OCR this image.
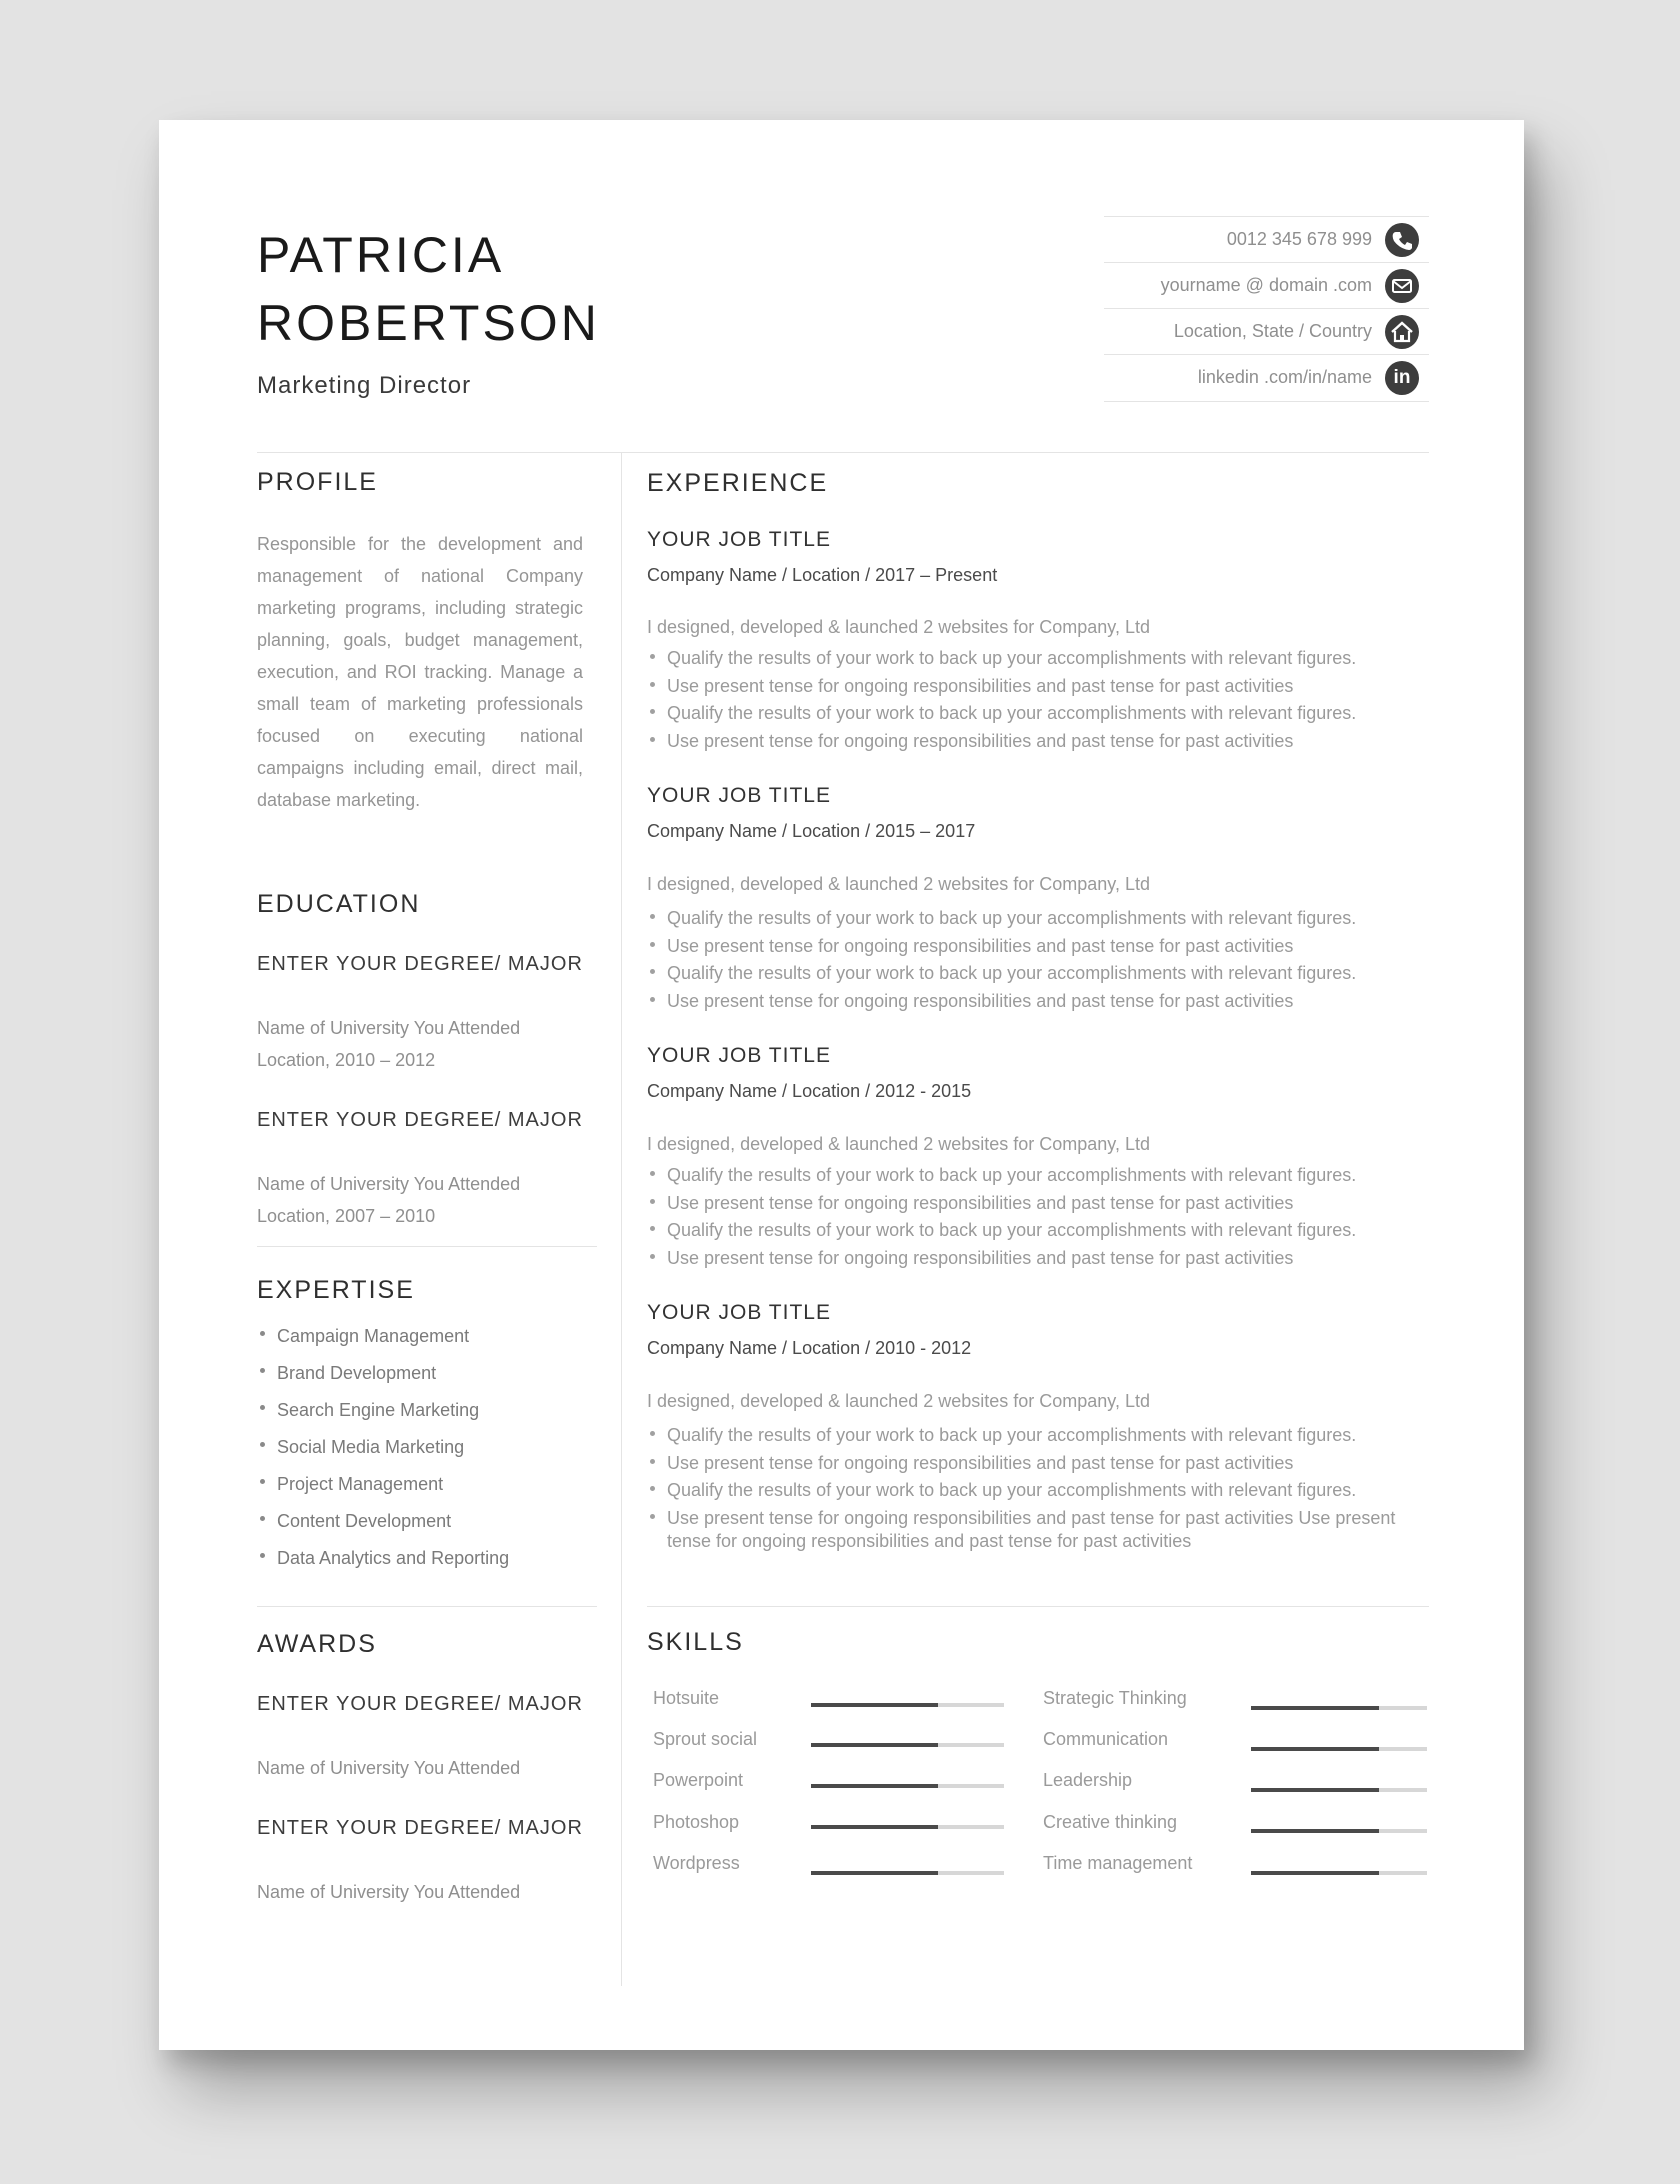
PATRICIA
ROBERTSON
Marketing Director
0012 345 678 999
yourname @ domain .com
Location, State / Country
linkedin .com/in/name	in
PROFILE
Responsible for the development and management of national Company marketing programs, including strategic planning, goals, budget management, execution, and ROI tracking. Manage a small team of marketing professionals focused on executing national campaigns including email, direct mail, database marketing.
EDUCATION
ENTER YOUR DEGREE/ MAJOR
Name of University You Attended
Location, 2010 – 2012
ENTER YOUR DEGREE/ MAJOR
Name of University You Attended
Location, 2007 – 2010
EXPERTISE
Campaign Management
Brand Development
Search Engine Marketing
Social Media Marketing
Project Management
Content Development
Data Analytics and Reporting
AWARDS
ENTER YOUR DEGREE/ MAJOR
Name of University You Attended
ENTER YOUR DEGREE/ MAJOR
Name of University You Attended
EXPERIENCE
YOUR JOB TITLE
Company Name / Location / 2017 – Present
I designed, developed & launched 2 websites for Company, Ltd
Qualify the results of your work to back up your accomplishments with relevant figures.
Use present tense for ongoing responsibilities and past tense for past activities
Qualify the results of your work to back up your accomplishments with relevant figures.
Use present tense for ongoing responsibilities and past tense for past activities
YOUR JOB TITLE
Company Name / Location / 2015 – 2017
I designed, developed & launched 2 websites for Company, Ltd
Qualify the results of your work to back up your accomplishments with relevant figures.
Use present tense for ongoing responsibilities and past tense for past activities
Qualify the results of your work to back up your accomplishments with relevant figures.
Use present tense for ongoing responsibilities and past tense for past activities
YOUR JOB TITLE
Company Name / Location / 2012 - 2015
I designed, developed & launched 2 websites for Company, Ltd
Qualify the results of your work to back up your accomplishments with relevant figures.
Use present tense for ongoing responsibilities and past tense for past activities
Qualify the results of your work to back up your accomplishments with relevant figures.
Use present tense for ongoing responsibilities and past tense for past activities
YOUR JOB TITLE
Company Name / Location / 2010 - 2012
I designed, developed & launched 2 websites for Company, Ltd
Qualify the results of your work to back up your accomplishments with relevant figures.
Use present tense for ongoing responsibilities and past tense for past activities
Qualify the results of your work to back up your accomplishments with relevant figures.
Use present tense for ongoing responsibilities and past tense for past activities Use present tense for ongoing responsibilities and past tense for past activities
SKILLS
Hotsuite
Sprout social
Powerpoint
Photoshop
Wordpress
Strategic Thinking
Communication
Leadership
Creative thinking
Time management
